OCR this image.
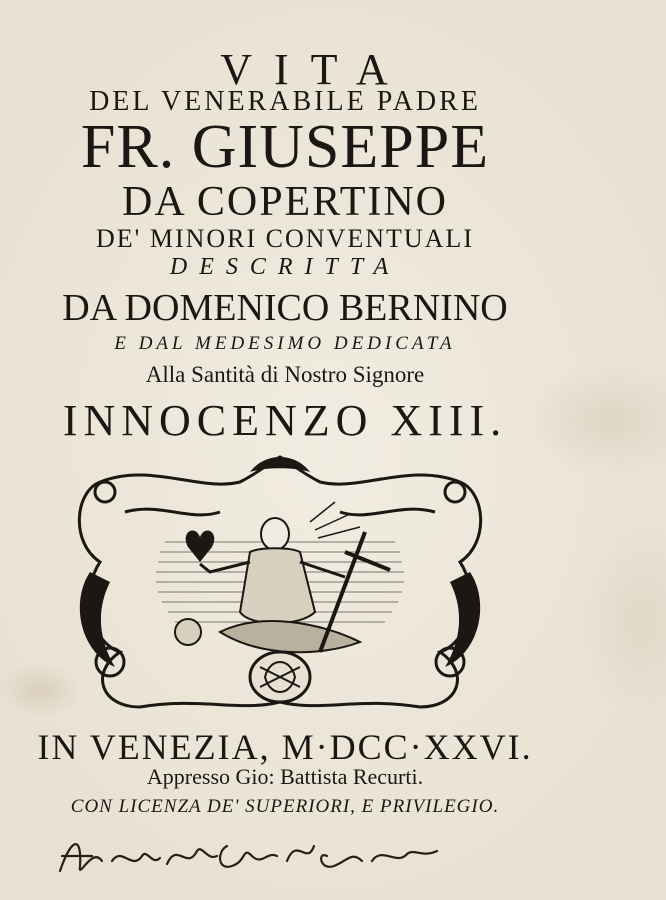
VITA
DEL VENERABILE PADRE
FR. GIUSEPPE
DA COPERTINO
DE' MINORI CONVENTUALI
DESCRITTA
DA DOMENICO BERNINO
E DAL MEDESIMO DEDICATA
Alla Santità di Nostro Signore
INNOCENZO XIII.
IN VENEZIA, M·DCC·XXVI.
Appresso Gio: Battista Recurti.
CON LICENZA DE' SUPERIORI, E PRIVILEGIO.
